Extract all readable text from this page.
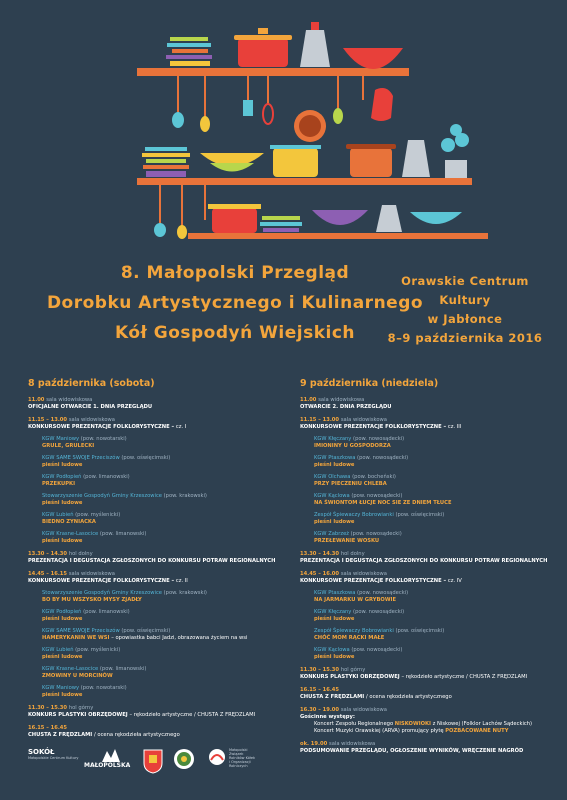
8. Małopolski Przegląd
Dorobku Artystycznego i Kulinarnego
Kół Gospodyń Wiejskich
Orawskie Centrum Kultury
w Jabłonce
8–9 października 2016
8 października (sobota)
11.00 sala widowiskowa
OFICJALNE OTWARCIE 1. DNIA PRZEGLĄDU
11.15 – 13.00 sala widowiskowa
KONKURSOWE PREZENTACJE FOLKLORYSTYCZNE – cz. I
KGW Maniowy (pow. nowotarski)
GRULE, GRULECKI
KGW SAME SWOJE Przeciszów (pow. oświęcimski)
pieśni ludowe
KGW Podłopień (pow. limanowski)
PRZEKUPKI
Stowarzyszenie Gospodyń Gminy Krzeszowice (pow. krakowski)
pieśni ludowe
KGW Lubień (pow. myślenicki)
BIEDNO ZYNIACKA
KGW Krasne-Lasocice (pow. limanowski)
pieśni ludowe
13.30 – 14.30 hol dolny
PREZENTACJA I DEGUSTACJA ZGŁOSZONYCH DO KONKURSU POTRAW REGIONALNYCH
14.45 – 16.15 sala widowiskowa
KONKURSOWE PREZENTACJE FOLKLORYSTYCZNE – cz. II
Stowarzyszenie Gospodyń Gminy Krzeszowice (pow. krakowski)
BO BY MU WSZYSKO MYSY ZJADŁY
KGW Podłopień (pow. limanowski)
pieśni ludowe
KGW SAME SWOJE Przeciszów (pow. oświęcimski)
HAMERYKANIN WE WSI – opowiastka babci Jadzi, obrazowana życiem na wsi
KGW Lubień (pow. myślenicki)
pieśni ludowe
KGW Krasne-Lasocice (pow. limanowski)
ZMOWINY U MORCINÓW
KGW Maniowy (pow. nowotarski)
pieśni ludowe
11.30 – 15.30 hol górny
KONKURS PLASTYKI OBRZĘDOWEJ – rękodzieło artystyczne / CHUSTA Z FRĘDZLAMI
16.15 – 16.45
CHUSTA Z FRĘDZLAMI / ocena rękodzieła artystycznego
9 października (niedziela)
11.00 sala widowiskowa
OTWARCIE 2. DNIA PRZEGLĄDU
11.15 – 13.00 sala widowiskowa
KONKURSOWE PREZENTACJE FOLKLORYSTYCZNE – cz. III
KGW Kłęczany (pow. nowosądecki)
IMIONINY U GOSPODORZA
KGW Ptaszkowa (pow. nowosądecki)
pieśni ludowe
KGW Olchawa (pow. bocheński)
PRZY PIECZENIU CHLEBA
KGW Kąclowa (pow. nowosądecki)
NA ŚWIONTOM ŁUCJE NOC SIE ZE DNIEM TŁUCE
Zespół Śpiewaczy Bobrowianki (pow. oświęcimski)
pieśni ludowe
KGW Zabrzeż (pow. nowosądecki)
PRZEŁEWANIE WOSKU
13.30 – 14.30 hol dolny
PREZENTACJA I DEGUSTACJA ZGŁOSZONYCH DO KONKURSU POTRAW REGIONALNYCH
14.45 – 16.00 sala widowiskowa
KONKURSOWE PREZENTACJE FOLKLORYSTYCZNE – cz. IV
KGW Ptaszkowa (pow. nowosądecki)
NA JARMARKU W GRYBOWIE
KGW Kłęczany (pow. nowosądecki)
pieśni ludowe
Zespół Śpiewaczy Bobrowianki (pow. oświęcimski)
CHÓĆ MOM RĄCKI MAŁE
KGW Kąclowa (pow. nowosądecki)
pieśni ludowe
11.30 – 15.30 hol górny
KONKURS PLASTYKI OBRZĘDOWEJ – rękodzieło artystyczne / CHUSTA Z FRĘDZLAMI
16.15 – 16.45
CHUSTA Z FRĘDZLAMI / ocena rękodzieła artystycznego
16.30 – 19.00 sala widowiskowa
Gościnne występy:
Koncert Zespołu Regionalnego NISKOWIOKI z Niskowej (Folklor Lachów Sądeckich)
Koncert Muzyki Orawskiej (ARVA) promujący płytę POZBACOWANE NUTY
ok. 19.00 sala widowiskowa
PODSUMOWANIE PRZEGLĄDU, OGŁOSZENIE WYNIKÓW, WRĘCZENIE NAGRÓD
SOKÓŁ
Małopolskie Centrum Kultury
MAŁOPOLSKA
Małopolski Związek Rolników Kółek i Organizacji Rolniczych
